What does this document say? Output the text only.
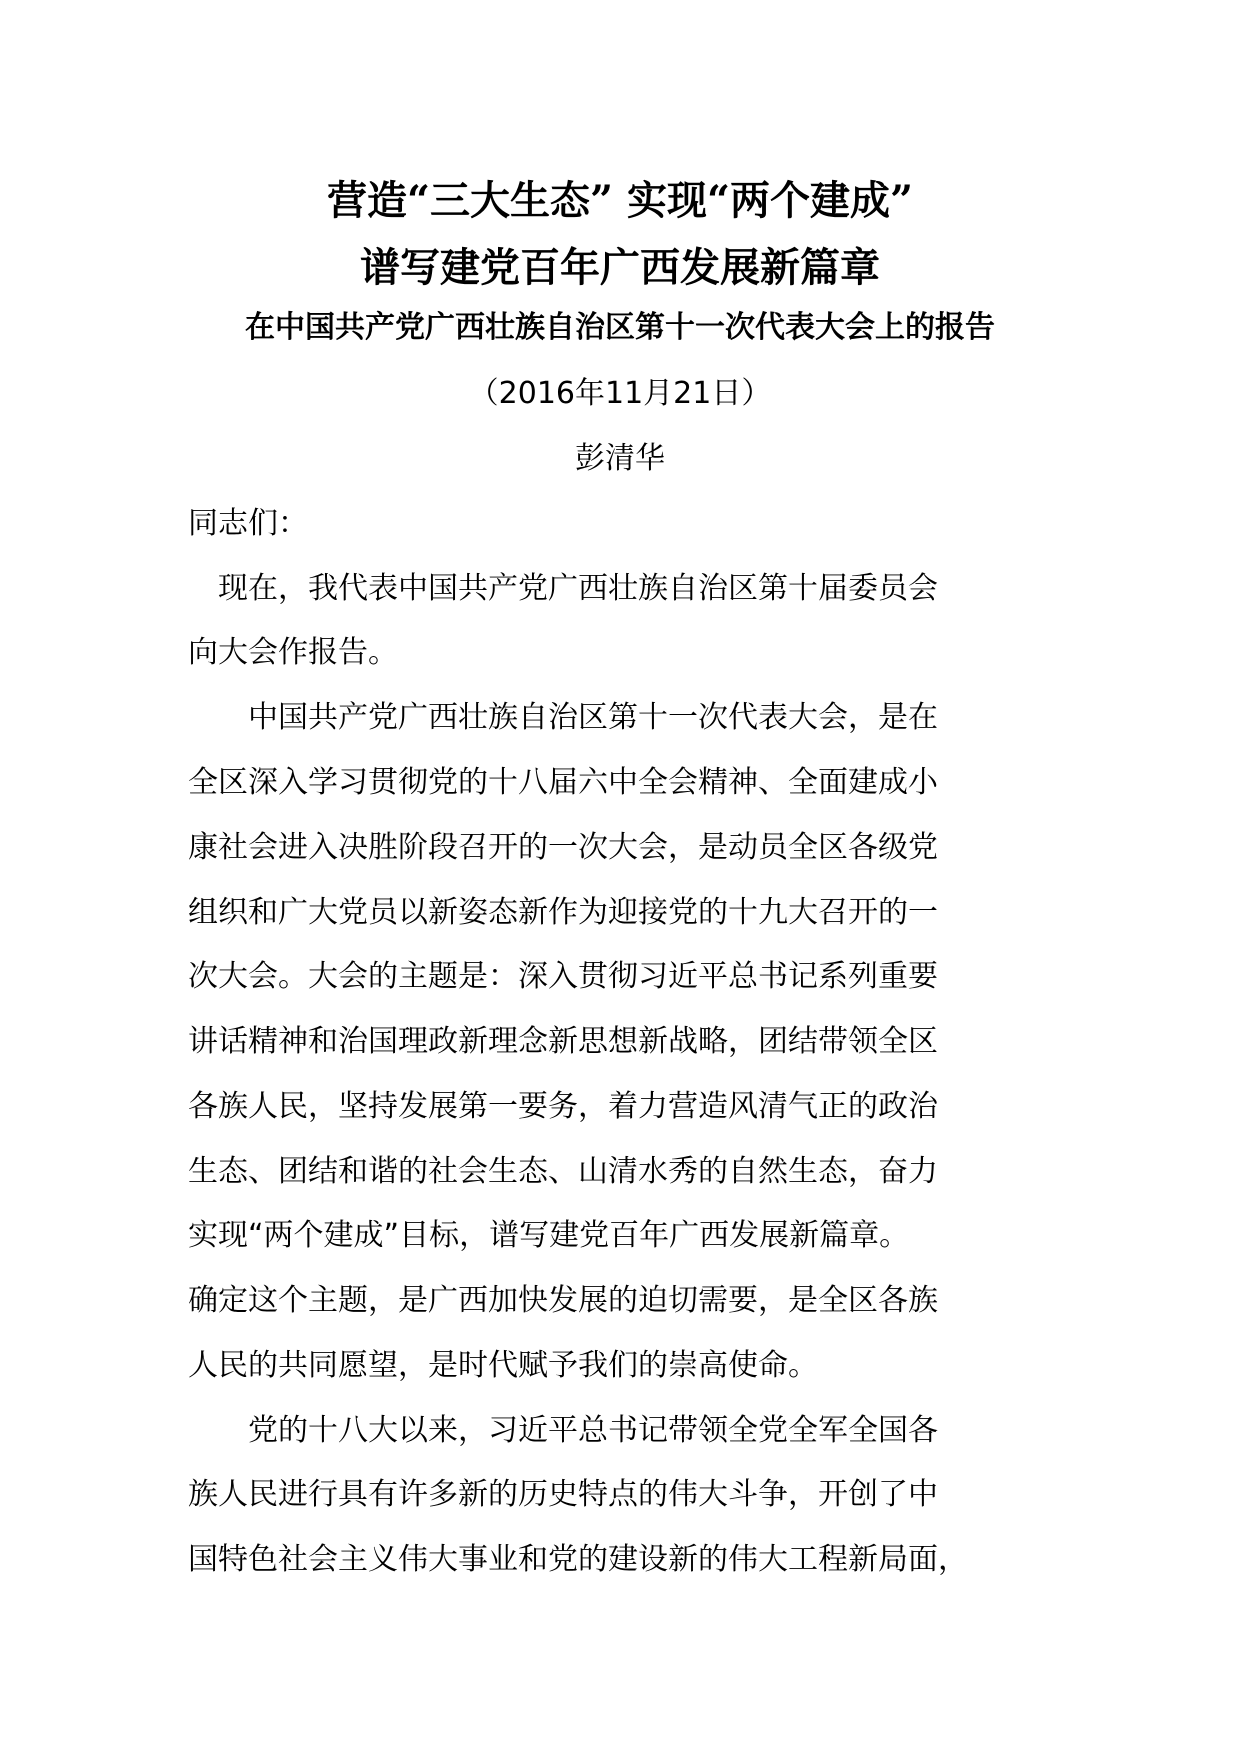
营造“三大生态” 实现“两个建成”
谱写建党百年广西发展新篇章
在中国共产党广西壮族自治区第十一次代表大会上的报告
（2016年11月21日）
彭清华
同志们：
　现在，我代表中国共产党广西壮族自治区第十届委员会
向大会作报告。
　　中国共产党广西壮族自治区第十一次代表大会，是在
全区深入学习贯彻党的十八届六中全会精神、全面建成小
康社会进入决胜阶段召开的一次大会，是动员全区各级党
组织和广大党员以新姿态新作为迎接党的十九大召开的一
次大会。大会的主题是：深入贯彻习近平总书记系列重要
讲话精神和治国理政新理念新思想新战略，团结带领全区
各族人民，坚持发展第一要务，着力营造风清气正的政治
生态、团结和谐的社会生态、山清水秀的自然生态，奋力
实现“两个建成”目标，谱写建党百年广西发展新篇章。
确定这个主题，是广西加快发展的迫切需要，是全区各族
人民的共同愿望，是时代赋予我们的崇高使命。
　　党的十八大以来，习近平总书记带领全党全军全国各
族人民进行具有许多新的历史特点的伟大斗争，开创了中
国特色社会主义伟大事业和党的建设新的伟大工程新局面，
